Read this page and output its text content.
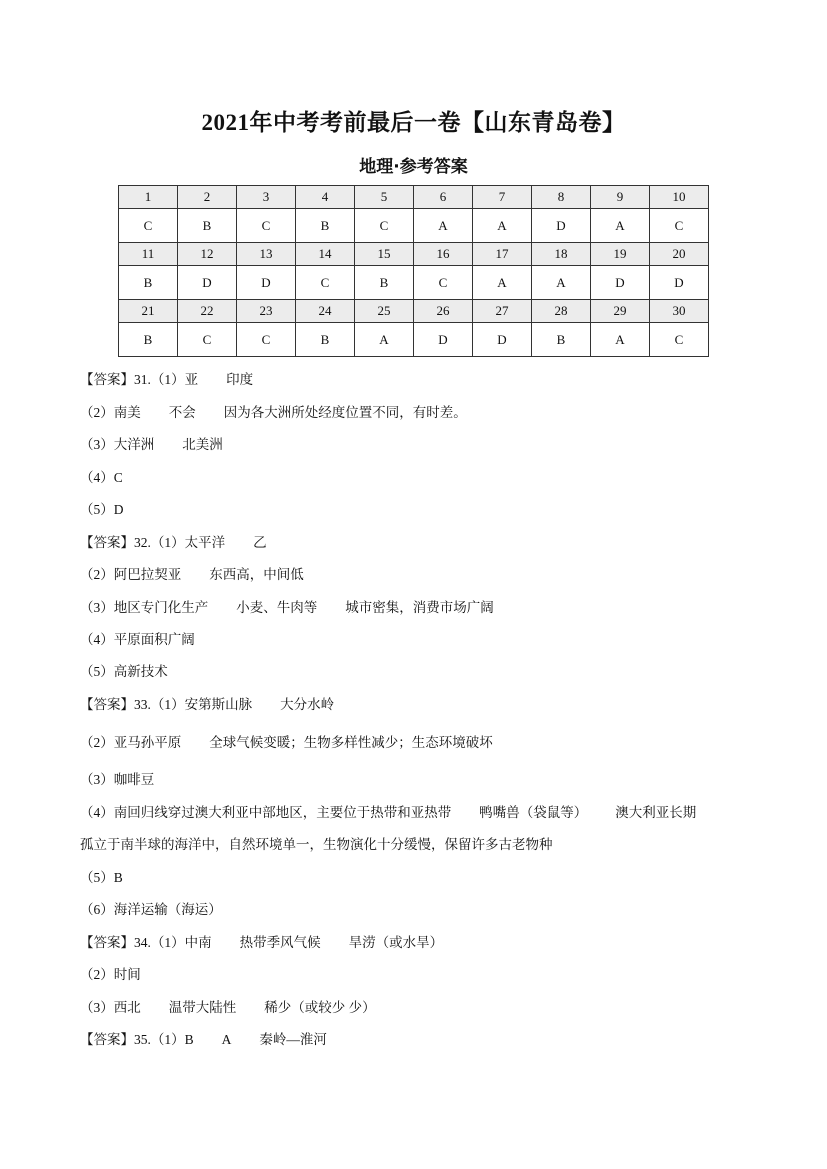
2021年中考考前最后一卷【山东青岛卷】
地理·参考答案
1	2	3	4	5	6	7	8	9	10
C	B	C	B	C	A	A	D	A	C
11	12	13	14	15	16	17	18	19	20
B	D	D	C	B	C	A	A	D	D
21	22	23	24	25	26	27	28	29	30
B	C	C	B	A	D	D	B	A	C
【答案】31.（1）亚 印度
（2）南美 不会 因为各大洲所处经度位置不同，有时差。
（3）大洋洲 北美洲
（4）C
（5）D
【答案】32.（1）太平洋 乙
（2）阿巴拉契亚 东西高，中间低
（3）地区专门化生产 小麦、牛肉等 城市密集，消费市场广阔
（4）平原面积广阔
（5）高新技术
【答案】33.（1）安第斯山脉 大分水岭
（2）亚马孙平原 全球气候变暖；生物多样性减少；生态环境破坏
（3）咖啡豆
（4）南回归线穿过澳大利亚中部地区，主要位于热带和亚热带 鸭嘴兽（袋鼠等） 澳大利亚长期
孤立于南半球的海洋中，自然环境单一，生物演化十分缓慢，保留许多古老物种
（5）B
（6）海洋运输（海运）
【答案】34.（1）中南 热带季风气候 旱涝（或水旱）
（2）时间
（3）西北 温带大陆性 稀少（或较少 少）
【答案】35.（1）B A 秦岭—淮河
